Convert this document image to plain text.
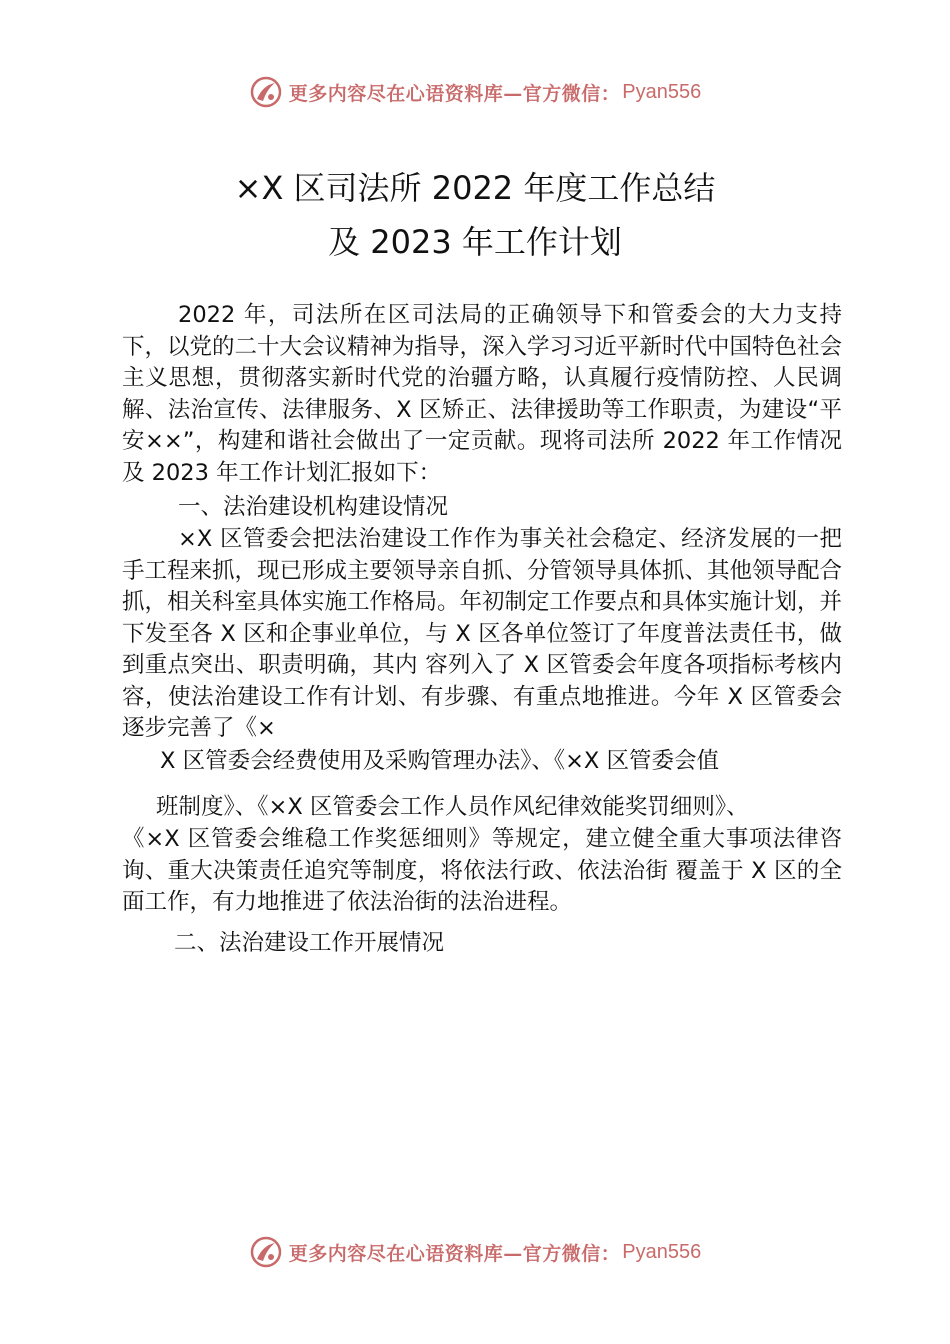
更多内容尽在心语资料库—官方微信： Pyan556
×X 区司法所 2022 年度工作总结
及 2023 年工作计划

2022 年，司法所在区司法局的正确领导下和管委会的大力支持下，以党的二十大会议精神为指导，深入学习习近平新时代中国特色社会主义思想，贯彻落实新时代党的治疆方略，认真履行疫情防控、人民调解、法治宣传、法律服务、X 区矫正、法律援助等工作职责，为建设“平安××”，构建和谐社会做出了一定贡献。现将司法所 2022 年工作情况及 2023 年工作计划汇报如下：

一、法治建设机构建设情况

×X 区管委会把法治建设工作作为事关社会稳定、经济发展的一把手工程来抓，现已形成主要领导亲自抓、分管领导具体抓、其他领导配合抓，相关科室具体实施工作格局。年初制定工作要点和具体实施计划，并下发至各 X 区和企事业单位，与 X 区各单位签订了年度普法责任书，做到重点突出、职责明确，其内 容列入了 X 区管委会年度各项指标考核内容，使法治建设工作有计划、有步骤、有重点地推进。今年 X 区管委会逐步完善了《×

X 区管委会经费使用及采购管理办法》、《×X 区管委会值

班制度》、《×X 区管委会工作人员作风纪律效能奖罚细则》、

《×X 区管委会维稳工作奖惩细则》等规定，建立健全重大事项法律咨询、重大决策责任追究等制度，将依法行政、依法治街 覆盖于 X 区的全面工作，有力地推进了依法治街的法治进程。

二、法治建设工作开展情况

更多内容尽在心语资料库—官方微信： Pyan556
